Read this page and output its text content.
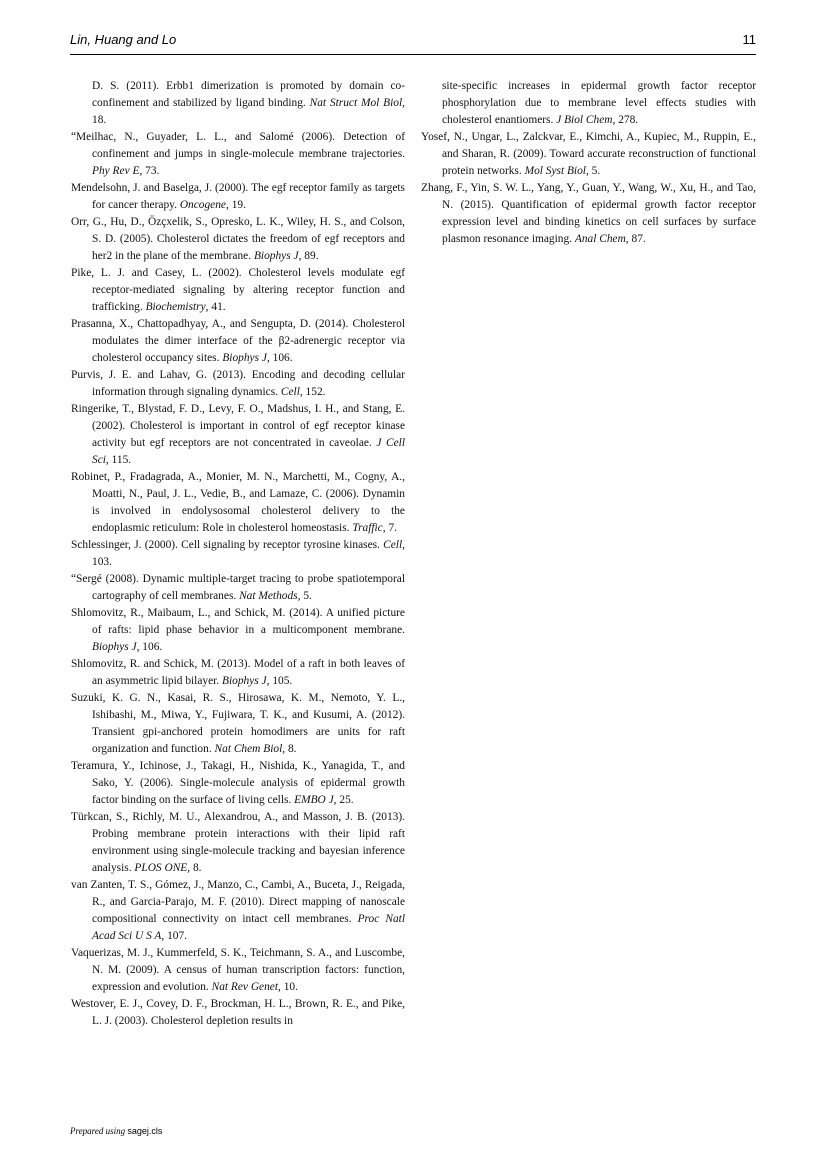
Lin, Huang and Lo	11
D. S. (2011). Erbb1 dimerization is promoted by domain co-confinement and stabilized by ligand binding. Nat Struct Mol Biol, 18.
“Meilhac, N., Guyader, L. L., and Salomé (2006). Detection of confinement and jumps in single-molecule membrane trajectories. Phy Rev E, 73.
Mendelsohn, J. and Baselga, J. (2000). The egf receptor family as targets for cancer therapy. Oncogene, 19.
Orr, G., Hu, D., Özçxelik, S., Opresko, L. K., Wiley, H. S., and Colson, S. D. (2005). Cholesterol dictates the freedom of egf receptors and her2 in the plane of the membrane. Biophys J, 89.
Pike, L. J. and Casey, L. (2002). Cholesterol levels modulate egf receptor-mediated signaling by altering receptor function and trafficking. Biochemistry, 41.
Prasanna, X., Chattopadhyay, A., and Sengupta, D. (2014). Cholesterol modulates the dimer interface of the β2-adrenergic receptor via cholesterol occupancy sites. Biophys J, 106.
Purvis, J. E. and Lahav, G. (2013). Encoding and decoding cellular information through signaling dynamics. Cell, 152.
Ringerike, T., Blystad, F. D., Levy, F. O., Madshus, I. H., and Stang, E. (2002). Cholesterol is important in control of egf receptor kinase activity but egf receptors are not concentrated in caveolae. J Cell Sci, 115.
Robinet, P., Fradagrada, A., Monier, M. N., Marchetti, M., Cogny, A., Moatti, N., Paul, J. L., Vedie, B., and Lamaze, C. (2006). Dynamin is involved in endolysosomal cholesterol delivery to the endoplasmic reticulum: Role in cholesterol homeostasis. Traffic, 7.
Schlessinger, J. (2000). Cell signaling by receptor tyrosine kinases. Cell, 103.
“Sergé (2008). Dynamic multiple-target tracing to probe spatiotemporal cartography of cell membranes. Nat Methods, 5.
Shlomovitz, R., Maibaum, L., and Schick, M. (2014). A unified picture of rafts: lipid phase behavior in a multicomponent membrane. Biophys J, 106.
Shlomovitz, R. and Schick, M. (2013). Model of a raft in both leaves of an asymmetric lipid bilayer. Biophys J, 105.
Suzuki, K. G. N., Kasai, R. S., Hirosawa, K. M., Nemoto, Y. L., Ishibashi, M., Miwa, Y., Fujiwara, T. K., and Kusumi, A. (2012). Transient gpi-anchored protein homodimers are units for raft organization and function. Nat Chem Biol, 8.
Teramura, Y., Ichinose, J., Takagi, H., Nishida, K., Yanagida, T., and Sako, Y. (2006). Single-molecule analysis of epidermal growth factor binding on the surface of living cells. EMBO J, 25.
Türkcan, S., Richly, M. U., Alexandrou, A., and Masson, J. B. (2013). Probing membrane protein interactions with their lipid raft environment using single-molecule tracking and bayesian inference analysis. PLOS ONE, 8.
van Zanten, T. S., Gómez, J., Manzo, C., Cambi, A., Buceta, J., Reigada, R., and Garcia-Parajo, M. F. (2010). Direct mapping of nanoscale compositional connectivity on intact cell membranes. Proc Natl Acad Sci U S A, 107.
Vaquerizas, M. J., Kummerfeld, S. K., Teichmann, S. A., and Luscombe, N. M. (2009). A census of human transcription factors: function, expression and evolution. Nat Rev Genet, 10.
Westover, E. J., Covey, D. F., Brockman, H. L., Brown, R. E., and Pike, L. J. (2003). Cholesterol depletion results in
site-specific increases in epidermal growth factor receptor phosphorylation due to membrane level effects studies with cholesterol enantiomers. J Biol Chem, 278.
Yosef, N., Ungar, L., Zalckvar, E., Kimchi, A., Kupiec, M., Ruppin, E., and Sharan, R. (2009). Toward accurate reconstruction of functional protein networks. Mol Syst Biol, 5.
Zhang, F., Yin, S. W. L., Yang, Y., Guan, Y., Wang, W., Xu, H., and Tao, N. (2015). Quantification of epidermal growth factor receptor expression level and binding kinetics on cell surfaces by surface plasmon resonance imaging. Anal Chem, 87.
Prepared using sagej.cls
